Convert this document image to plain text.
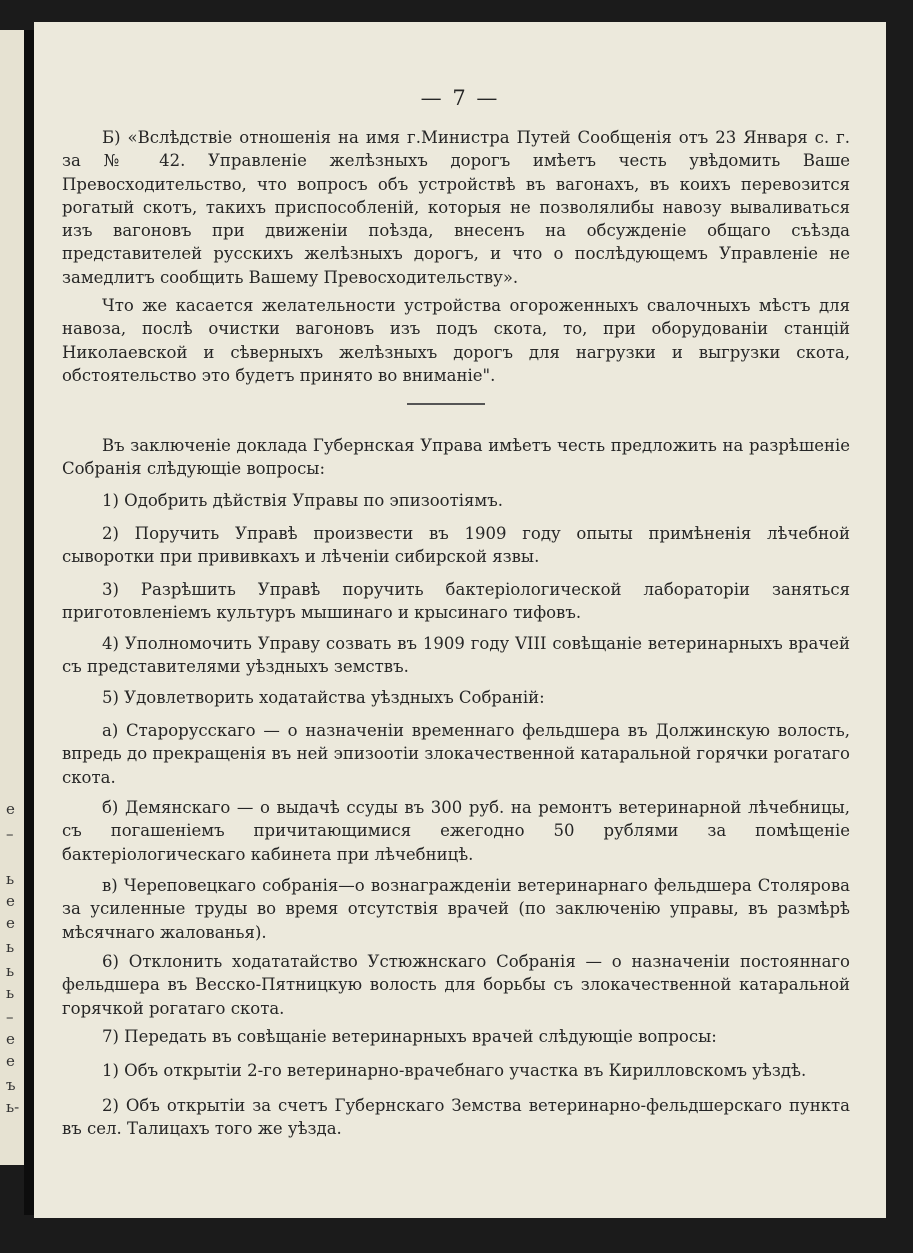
е
–
ь
е
е
ь
ь
ь
–
е
е
ъ
ь-
— 7 —

Б) «Вслѣдствіе отношенія на имя г.Министра Путей Сообщенія отъ 23 Января с. г. за № 42. Управленіе желѣзныхъ дорогъ имѣетъ честь увѣдомить Ваше Превосходительство, что вопросъ объ устройствѣ въ вагонахъ, въ коихъ перевозится рогатый скотъ, такихъ приспособленій, которыя не позволялибы навозу вываливаться изъ вагоновъ при движеніи поѣзда, внесенъ на обсужденіе общаго съѣзда представителей русскихъ желѣзныхъ дорогъ, и что о послѣдующемъ Управленіе не замедлитъ сообщить Вашему Превосходительству».

Что же касается желательности устройства огороженныхъ свалочныхъ мѣстъ для навоза, послѣ очистки вагоновъ изъ подъ скота, то, при оборудованіи станцій Николаевской и сѣверныхъ желѣзныхъ дорогъ для нагрузки и выгрузки скота, обстоятельство это будетъ принято во вниманіе".

Въ заключеніе доклада Губернская Управа имѣетъ честь предложить на разрѣшеніе Собранія слѣдующіе вопросы:

1) Одобрить дѣйствія Управы по эпизоотіямъ.

2) Поручить Управѣ произвести въ 1909 году опыты примѣненія лѣчебной сыворотки при прививкахъ и лѣченіи сибирской язвы.

3) Разрѣшить Управѣ поручить бактеріологической лабораторіи заняться приготовленіемъ культуръ мышинаго и крысинаго тифовъ.

4) Уполномочить Управу созвать въ 1909 году VIII совѣщаніе ветеринарныхъ врачей съ представителями уѣздныхъ земствъ.

5) Удовлетворить ходатайства уѣздныхъ Собраній:

а) Старорусскаго — о назначеніи временнаго фельдшера въ Должинскую волость, впредь до прекращенія въ ней эпизоотіи злокачественной катаральной горячки рогатаго скота.

б) Демянскаго — о выдачѣ ссуды въ 300 руб. на ремонтъ ветеринарной лѣчебницы, съ погашеніемъ причитающимися ежегодно 50 рублями за помѣщеніе бактеріологическаго кабинета при лѣчебницѣ.

в) Череповецкаго собранія—о вознагражденіи ветеринарнаго фельдшера Столярова за усиленные труды во время отсутствія врачей (по заключенію управы, въ размѣрѣ мѣсячнаго жалованья).

6) Отклонить ходататайство Устюжнскаго Собранія — о назначеніи постояннаго фельдшера въ Весско-Пятницкую волость для борьбы съ злокачественной катаральной горячкой рогатаго скота.

7) Передать въ совѣщаніе ветеринарныхъ врачей слѣдующіе вопросы:

1) Объ открытіи 2-го ветеринарно-врачебнаго участка въ Кирилловскомъ уѣздѣ.

2) Объ открытіи за счетъ Губернскаго Земства ветеринарно-фельдшерскаго пункта въ сел. Талицахъ того же уѣзда.
